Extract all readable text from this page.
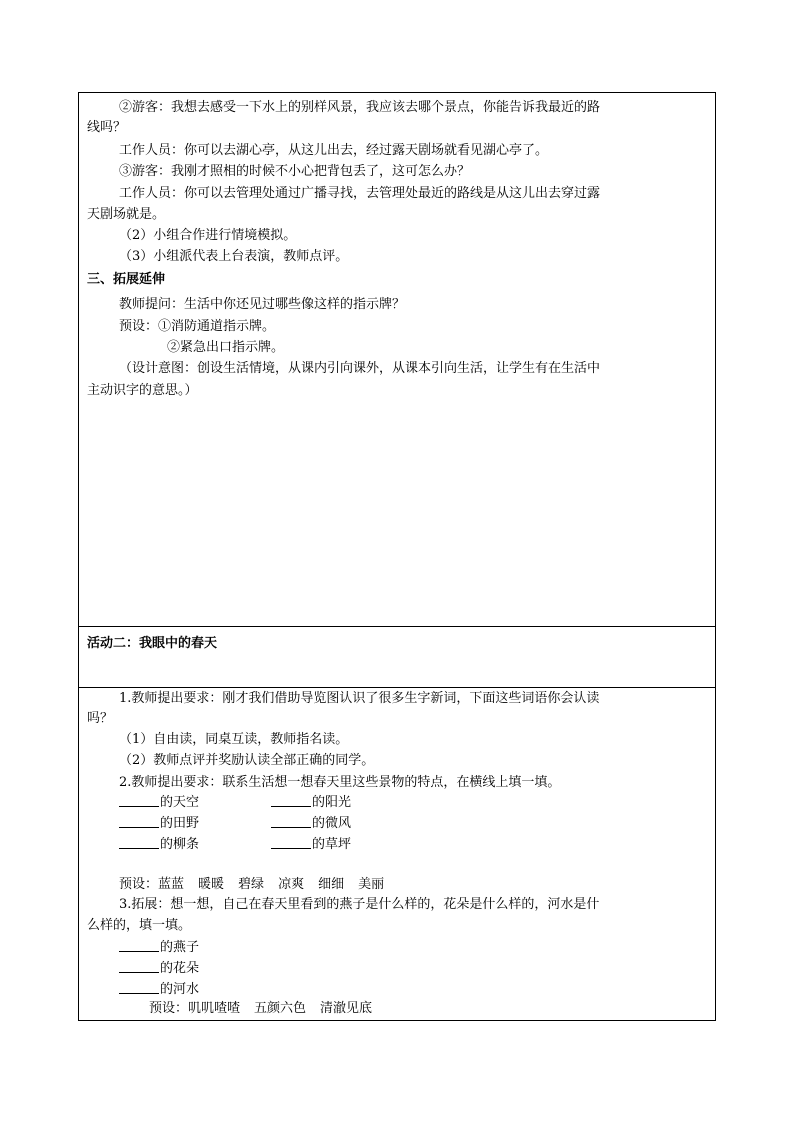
②游客：我想去感受一下水上的别样风景，我应该去哪个景点，你能告诉我最近的路
线吗？
工作人员：你可以去湖心亭，从这儿出去，经过露天剧场就看见湖心亭了。
③游客：我刚才照相的时候不小心把背包丢了，这可怎么办？
工作人员：你可以去管理处通过广播寻找，去管理处最近的路线是从这儿出去穿过露
天剧场就是。
（2）小组合作进行情境模拟。
（3）小组派代表上台表演，教师点评。
三、拓展延伸
教师提问：生活中你还见过哪些像这样的指示牌？
预设：①消防通道指示牌。
②紧急出口指示牌。
（设计意图：创设生活情境，从课内引向课外，从课本引向生活，让学生有在生活中
主动识字的意思。）
活动二：我眼中的春天
1.教师提出要求：刚才我们借助导览图认识了很多生字新词，下面这些词语你会认读
吗？
（1）自由读，同桌互读，教师指名读。
（2）教师点评并奖励认读全部正确的同学。
2.教师提出要求：联系生活想一想春天里这些景物的特点，在横线上填一填。
的天空	的阳光
的田野	的微风
的柳条	的草坪
预设：蓝蓝 暖暖 碧绿 凉爽 细细 美丽
3.拓展：想一想，自己在春天里看到的燕子是什么样的，花朵是什么样的，河水是什
么样的，填一填。
的燕子
的花朵
的河水
预设：叽叽喳喳 五颜六色 清澈见底
